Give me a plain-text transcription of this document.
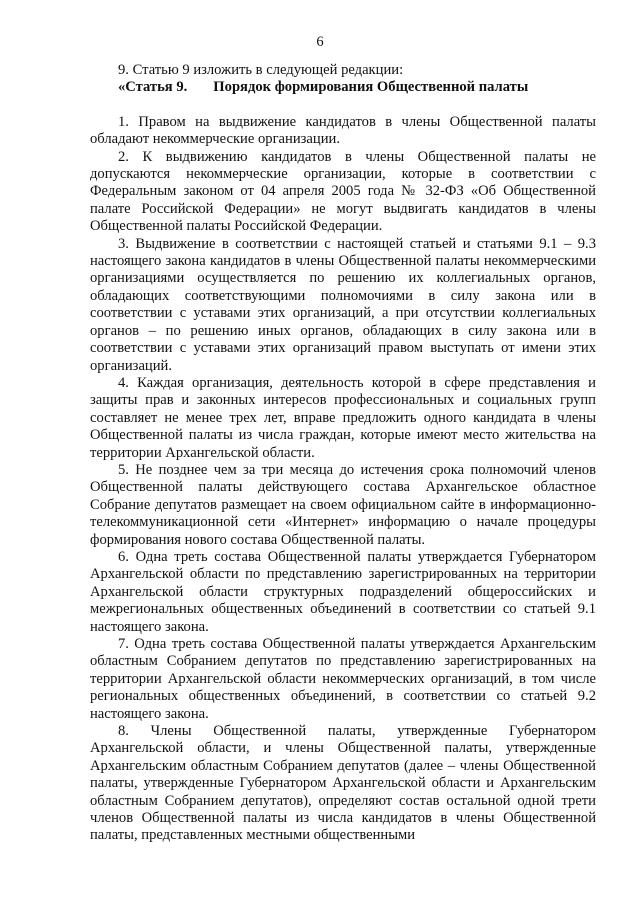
6

9. Статью 9 изложить в следующей редакции:

«Статья 9. Порядок формирования Общественной палаты

1. Правом на выдвижение кандидатов в члены Общественной палаты обладают некоммерческие организации.

2. К выдвижению кандидатов в члены Общественной палаты не допускаются некоммерческие организации, которые в соответствии с Федеральным законом от 04 апреля 2005 года № 32-ФЗ «Об Общественной палате Российской Федерации» не могут выдвигать кандидатов в члены Общественной палаты Российской Федерации.

3. Выдвижение в соответствии с настоящей статьей и статьями 9.1 – 9.3 настоящего закона кандидатов в члены Общественной палаты некоммерческими организациями осуществляется по решению их коллегиальных органов, обладающих соответствующими полномочиями в силу закона или в соответствии с уставами этих организаций, а при отсутствии коллегиальных органов – по решению иных органов, обладающих в силу закона или в соответствии с уставами этих организаций правом выступать от имени этих организаций.

4. Каждая организация, деятельность которой в сфере представления и защиты прав и законных интересов профессиональных и социальных групп составляет не менее трех лет, вправе предложить одного кандидата в члены Общественной палаты из числа граждан, которые имеют место жительства на территории Архангельской области.

5. Не позднее чем за три месяца до истечения срока полномочий членов Общественной палаты действующего состава Архангельское областное Собрание депутатов размещает на своем официальном сайте в информационно-телекоммуникационной сети «Интернет» информацию о начале процедуры формирования нового состава Общественной палаты.

6. Одна треть состава Общественной палаты утверждается Губернатором Архангельской области по представлению зарегистрированных на территории Архангельской области структурных подразделений общероссийских и межрегиональных общественных объединений в соответствии со статьей 9.1 настоящего закона.

7. Одна треть состава Общественной палаты утверждается Архангельским областным Собранием депутатов по представлению зарегистрированных на территории Архангельской области некоммерческих организаций, в том числе региональных общественных объединений, в соответствии со статьей 9.2 настоящего закона.

8. Члены Общественной палаты, утвержденные Губернатором Архангельской области, и члены Общественной палаты, утвержденные Архангельским областным Собранием депутатов (далее – члены Общественной палаты, утвержденные Губернатором Архангельской области и Архангельским областным Собранием депутатов), определяют состав остальной одной трети членов Общественной палаты из числа кандидатов в члены Общественной палаты, представленных местными общественными
